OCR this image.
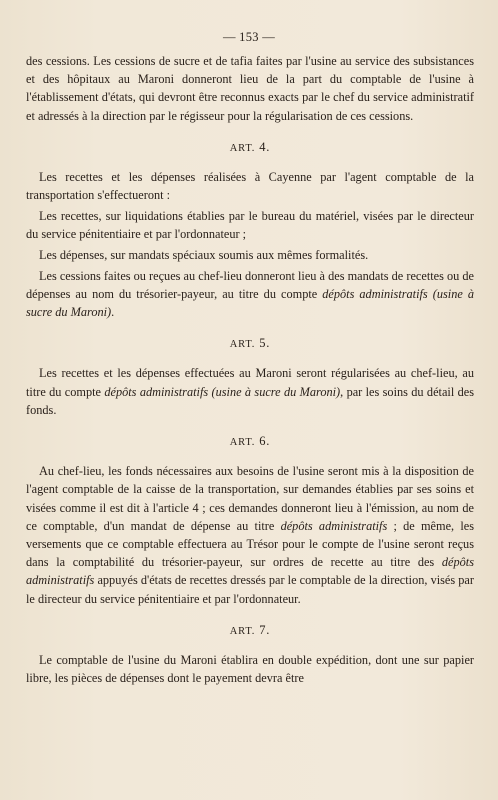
— 153 —

des cessions. Les cessions de sucre et de tafia faites par l'usine au service des subsistances et des hôpitaux au Maroni donneront lieu de la part du comptable de l'usine à l'établissement d'états, qui devront être reconnus exacts par le chef du service administratif et adressés à la direction par le régisseur pour la régularisation de ces cessions.

ART. 4.

Les recettes et les dépenses réalisées à Cayenne par l'agent comptable de la transportation s'effectueront :

Les recettes, sur liquidations établies par le bureau du matériel, visées par le directeur du service pénitentiaire et par l'ordonnateur ;

Les dépenses, sur mandats spéciaux soumis aux mêmes formalités.

Les cessions faites ou reçues au chef-lieu donneront lieu à des mandats de recettes ou de dépenses au nom du trésorier-payeur, au titre du compte dépôts administratifs (usine à sucre du Maroni).

ART. 5.

Les recettes et les dépenses effectuées au Maroni seront régularisées au chef-lieu, au titre du compte dépôts administratifs (usine à sucre du Maroni), par les soins du détail des fonds.

ART. 6.

Au chef-lieu, les fonds nécessaires aux besoins de l'usine seront mis à la disposition de l'agent comptable de la caisse de la transportation, sur demandes établies par ses soins et visées comme il est dit à l'article 4 ; ces demandes donneront lieu à l'émission, au nom de ce comptable, d'un mandat de dépense au titre dépôts administratifs ; de même, les versements que ce comptable effectuera au Trésor pour le compte de l'usine seront reçus dans la comptabilité du trésorier-payeur, sur ordres de recette au titre des dépôts administratifs appuyés d'états de recettes dressés par le comptable de la direction, visés par le directeur du service pénitentiaire et par l'ordonnateur.

ART. 7.

Le comptable de l'usine du Maroni établira en double expédition, dont une sur papier libre, les pièces de dépenses dont le payement devra être
